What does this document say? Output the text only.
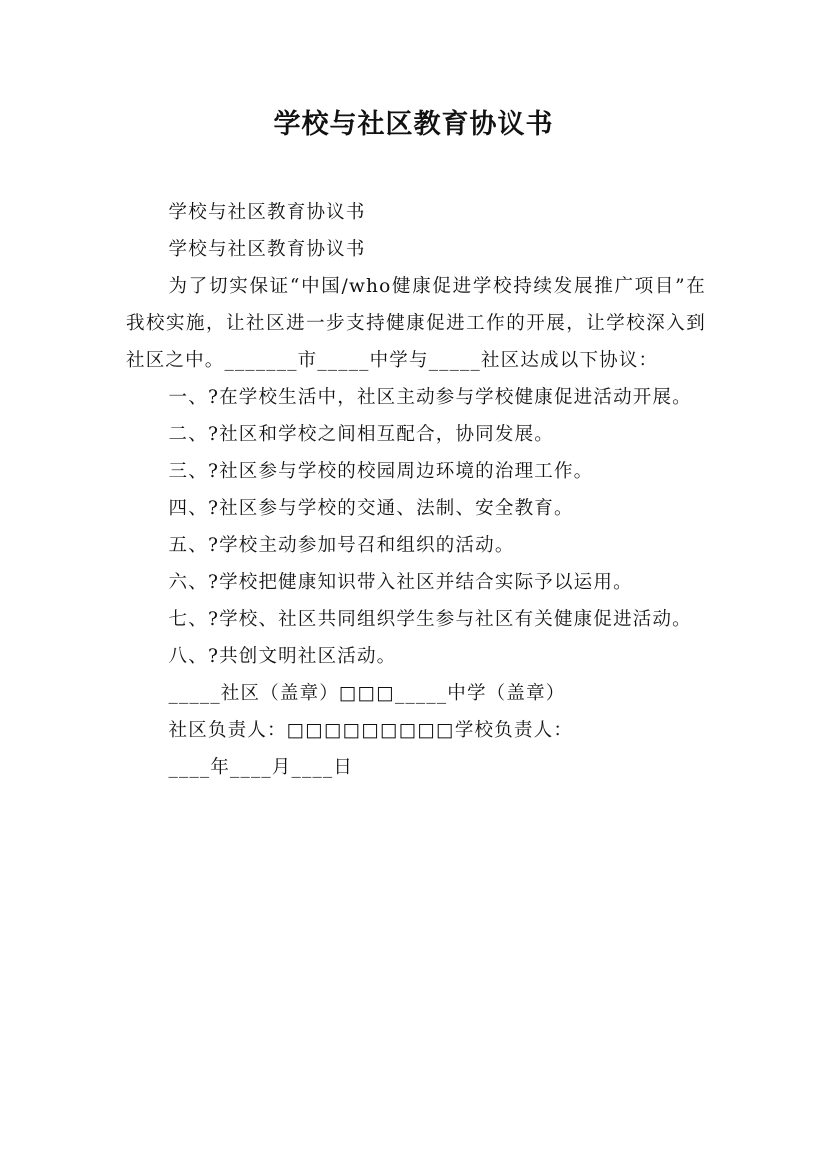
学校与社区教育协议书

学校与社区教育协议书

学校与社区教育协议书

为了切实保证“中国/who健康促进学校持续发展推广项目”在我校实施，让社区进一步支持健康促进工作的开展，让学校深入到社区之中。_______市_____中学与_____社区达成以下协议：

一、?在学校生活中，社区主动参与学校健康促进活动开展。

二、?社区和学校之间相互配合，协同发展。

三、?社区参与学校的校园周边环境的治理工作。

四、?社区参与学校的交通、法制、安全教育。

五、?学校主动参加号召和组织的活动。

六、?学校把健康知识带入社区并结合实际予以运用。

七、?学校、社区共同组织学生参与社区有关健康促进活动。

八、?共创文明社区活动。

_____社区（盖章）□□□_____中学（盖章）

社区负责人：□□□□□□□□□学校负责人：

____年____月____日
